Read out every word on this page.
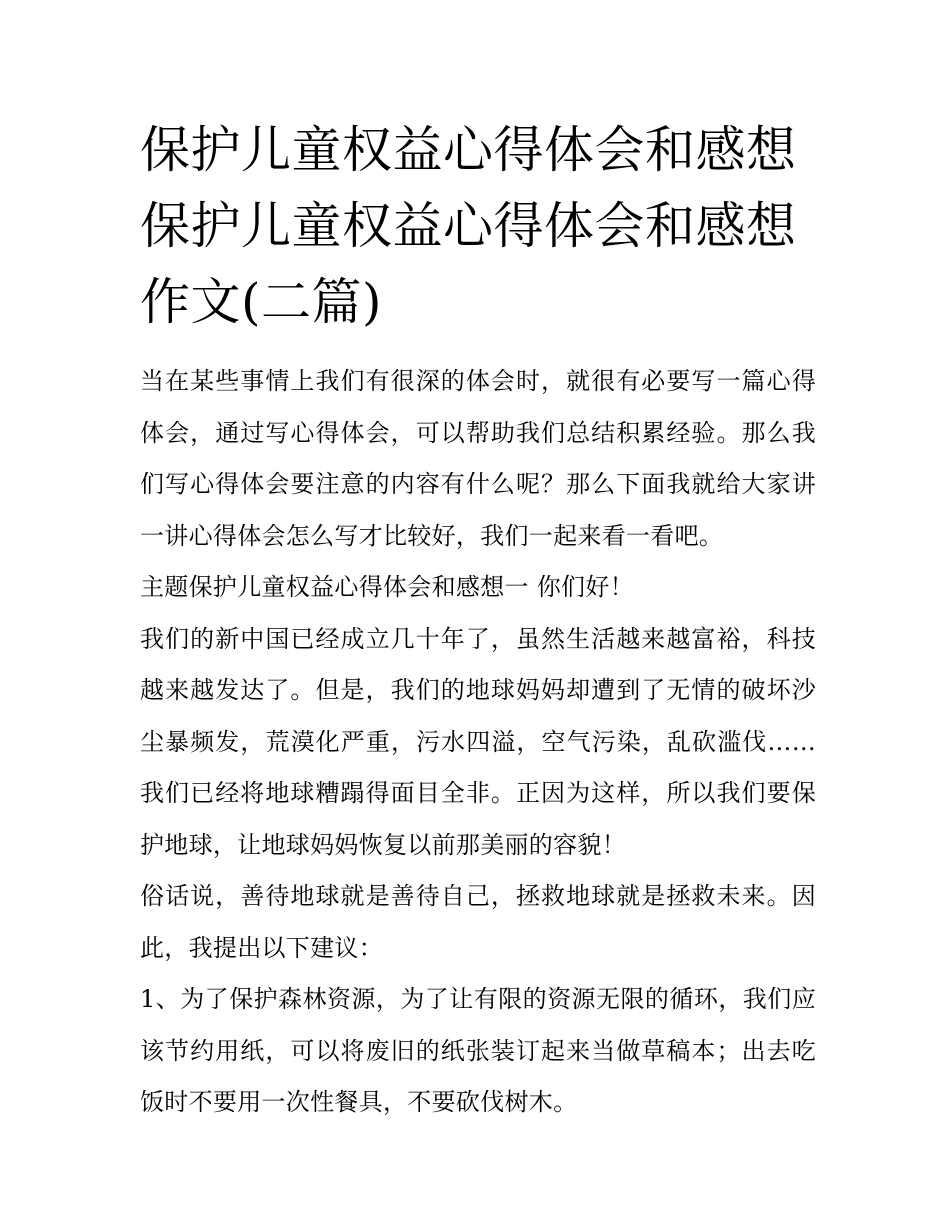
保护儿童权益心得体会和感想
保护儿童权益心得体会和感想
作文(二篇)

当在某些事情上我们有很深的体会时，就很有必要写一篇心得体会，通过写心得体会，可以帮助我们总结积累经验。那么我们写心得体会要注意的内容有什么呢？那么下面我就给大家讲一讲心得体会怎么写才比较好，我们一起来看一看吧。

主题保护儿童权益心得体会和感想一 你们好！

我们的新中国已经成立几十年了，虽然生活越来越富裕，科技越来越发达了。但是，我们的地球妈妈却遭到了无情的破坏沙尘暴频发，荒漠化严重，污水四溢，空气污染，乱砍滥伐……我们已经将地球糟蹋得面目全非。正因为这样，所以我们要保护地球，让地球妈妈恢复以前那美丽的容貌！

俗话说，善待地球就是善待自己，拯救地球就是拯救未来。因此，我提出以下建议：

1、为了保护森林资源，为了让有限的资源无限的循环，我们应该节约用纸，可以将废旧的纸张装订起来当做草稿本；出去吃饭时不要用一次性餐具，不要砍伐树木。
